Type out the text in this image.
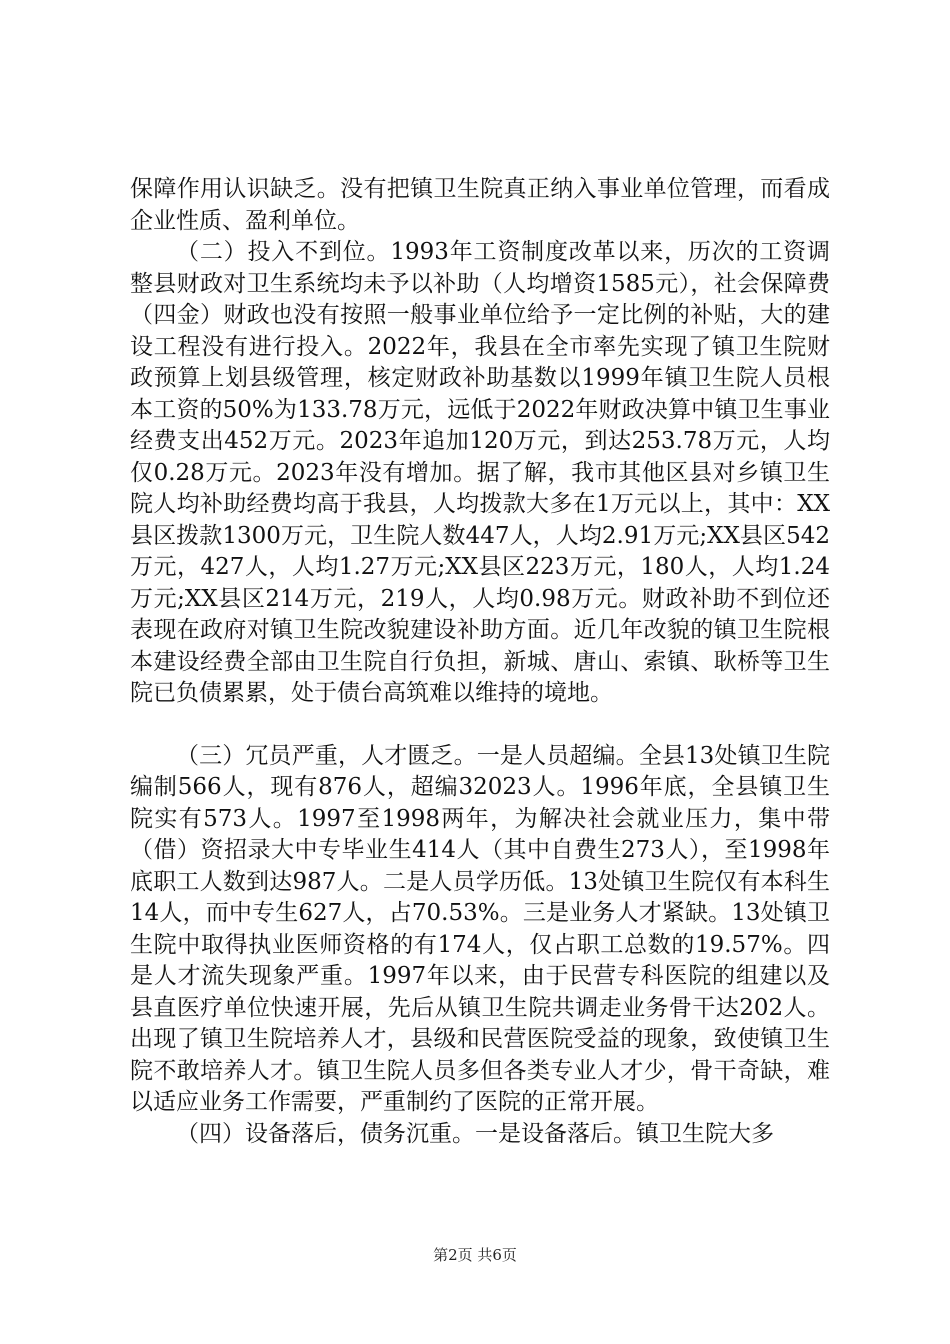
保障作用认识缺乏。没有把镇卫生院真正纳入事业单位管理，而看成企业性质、盈利单位。

（二）投入不到位。1993年工资制度改革以来，历次的工资调整县财政对卫生系统均未予以补助（人均增资1585元），社会保障费（四金）财政也没有按照一般事业单位给予一定比例的补贴，大的建设工程没有进行投入。2022年，我县在全市率先实现了镇卫生院财政预算上划县级管理，核定财政补助基数以1999年镇卫生院人员根本工资的50%为133.78万元，远低于2022年财政决算中镇卫生事业经费支出452万元。2023年追加120万元，到达253.78万元，人均仅0.28万元。2023年没有增加。据了解，我市其他区县对乡镇卫生院人均补助经费均高于我县，人均拨款大多在1万元以上，其中：XX县区拨款1300万元，卫生院人数447人，人均2.91万元;XX县区542万元，427人，人均1.27万元;XX县区223万元，180人，人均1.24万元;XX县区214万元，219人，人均0.98万元。财政补助不到位还表现在政府对镇卫生院改貌建设补助方面。近几年改貌的镇卫生院根本建设经费全部由卫生院自行负担，新城、唐山、索镇、耿桥等卫生院已负债累累，处于债台高筑难以维持的境地。

（三）冗员严重，人才匮乏。一是人员超编。全县13处镇卫生院编制566人，现有876人，超编32023人。1996年底，全县镇卫生院实有573人。1997至1998两年，为解决社会就业压力，集中带（借）资招录大中专毕业生414人（其中自费生273人），至1998年底职工人数到达987人。二是人员学历低。13处镇卫生院仅有本科生14人，而中专生627人，占70.53%。三是业务人才紧缺。13处镇卫生院中取得执业医师资格的有174人，仅占职工总数的19.57%。四是人才流失现象严重。1997年以来，由于民营专科医院的组建以及县直医疗单位快速开展，先后从镇卫生院共调走业务骨干达202人。出现了镇卫生院培养人才，县级和民营医院受益的现象，致使镇卫生院不敢培养人才。镇卫生院人员多但各类专业人才少，骨干奇缺，难以适应业务工作需要，严重制约了医院的正常开展。

（四）设备落后，债务沉重。一是设备落后。镇卫生院大多

第2页 共6页
